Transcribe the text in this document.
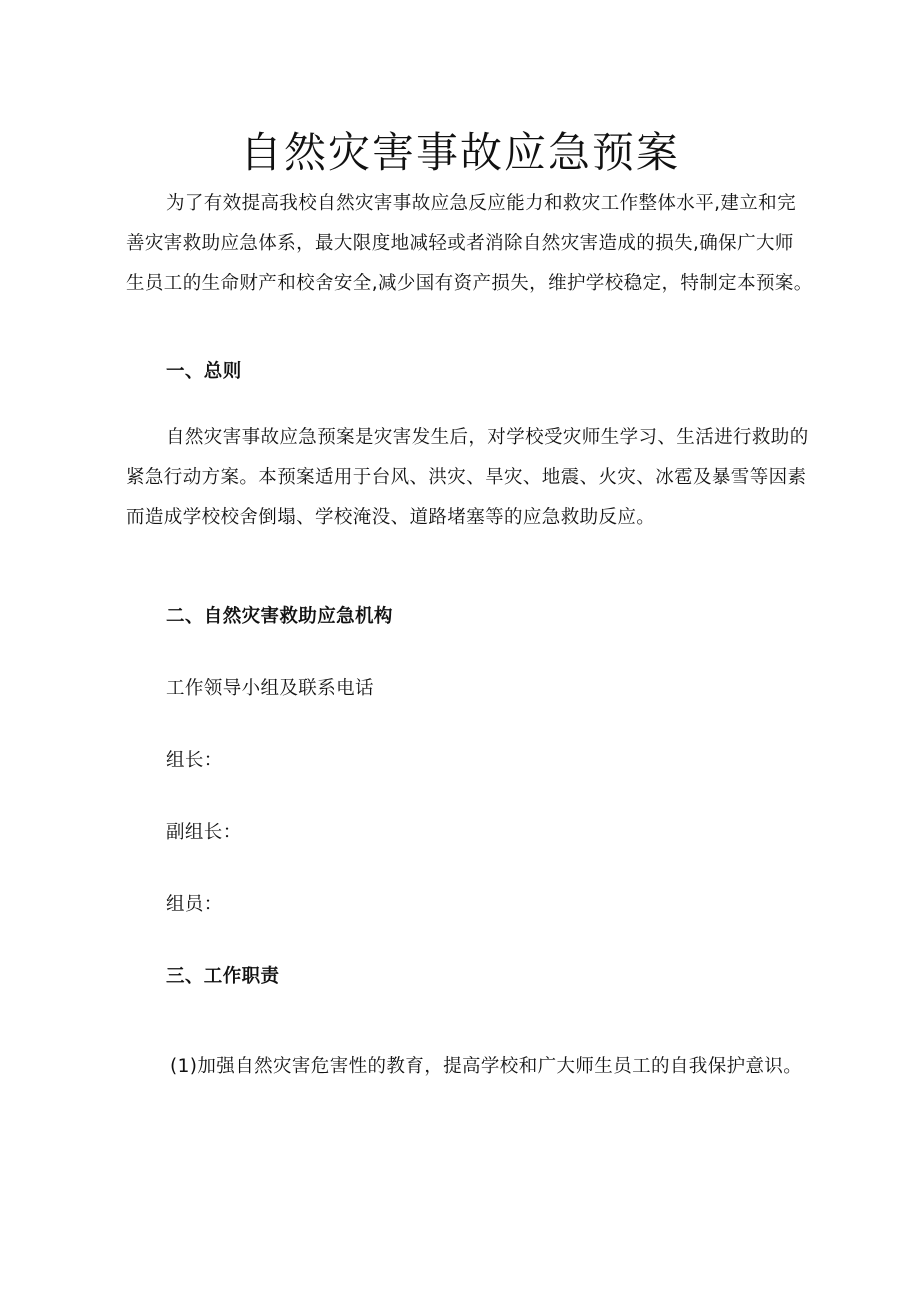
自然灾害事故应急预案
为了有效提高我校自然灾害事故应急反应能力和救灾工作整体水平,建立和完
善灾害救助应急体系，最大限度地减轻或者消除自然灾害造成的损失,确保广大师
生员工的生命财产和校舍安全,减少国有资产损失，维护学校稳定，特制定本预案。
一、总则
自然灾害事故应急预案是灾害发生后，对学校受灾师生学习、生活进行救助的
紧急行动方案。本预案适用于台风、洪灾、旱灾、地震、火灾、冰雹及暴雪等因素
而造成学校校舍倒塌、学校淹没、道路堵塞等的应急救助反应。
二、自然灾害救助应急机构
工作领导小组及联系电话
组长：
副组长：
组员：
三、工作职责
(1)加强自然灾害危害性的教育，提高学校和广大师生员工的自我保护意识。
